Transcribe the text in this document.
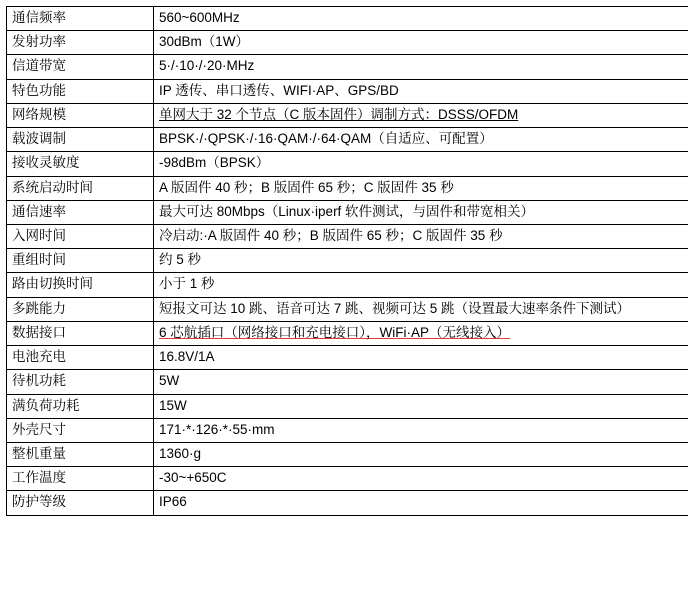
通信频率	560~600MHz
发射功率	30dBm（1W）
信道带宽	5·/·10·/·20·MHz
特色功能	IP 透传、串口透传、WIFI·AP、GPS/BD
网络规模	单网大于 32 个节点（C 版本固件）调制方式：DSSS/OFDM
载波调制	BPSK·/·QPSK·/·16·QAM·/·64·QAM（自适应、可配置）
接收灵敏度	-98dBm（BPSK）
系统启动时间	A 版固件 40 秒；B 版固件 65 秒；C 版固件 35 秒
通信速率	最大可达 80Mbps（Linux·iperf 软件测试，与固件和带宽相关）
入网时间	冷启动:·A 版固件 40 秒；B 版固件 65 秒；C 版固件 35 秒
重组时间	约 5 秒
路由切换时间	小于 1 秒
多跳能力	短报文可达 10 跳、语音可达 7 跳、视频可达 5 跳（设置最大速率条件下测试）
数据接口	6 芯航插口（网络接口和充电接口），WiFi·AP（无线接入）
电池充电	16.8V/1A
待机功耗	5W
满负荷功耗	15W
外壳尺寸	171·*·126·*·55·mm
整机重量	1360·g
工作温度	-30~+650C
防护等级	IP66
